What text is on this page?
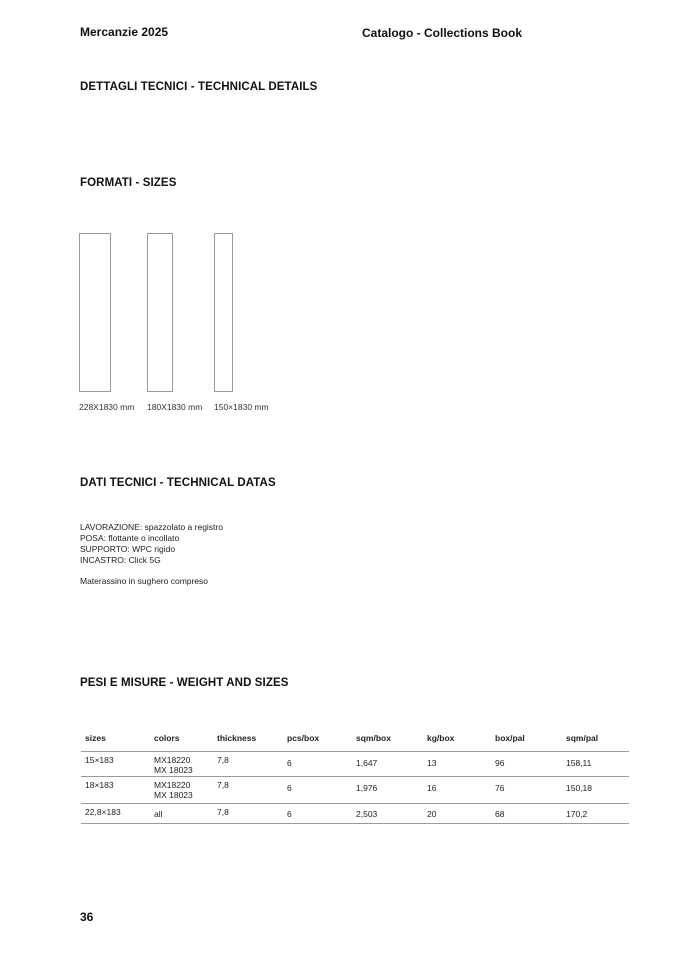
Mercanzie 2025	Catalogo - Collections Book
DETTAGLI TECNICI - TECHNICAL DETAILS
FORMATI - SIZES
228X1830 mm 180X1830 mm 150×1830 mm
DATI TECNICI - TECHNICAL DATAS
LAVORAZIONE: spazzolato a registro
POSA: flottante o incollato
SUPPORTO: WPC rigido
INCASTRO: Click 5G
Materassino in sughero compreso
PESI E MISURE - WEIGHT AND SIZES
sizes	colors	thickness	pcs/box	sqm/box	kg/box	box/pal	sqm/pal
15×183	MX18220
MX 18023	7,8	6	1,647	13	96	158,11
18×183	MX18220
MX 18023	7,8	6	1,976	16	76	150,18
22,8×183	all	7,8	6	2,503	20	68	170,2
36
